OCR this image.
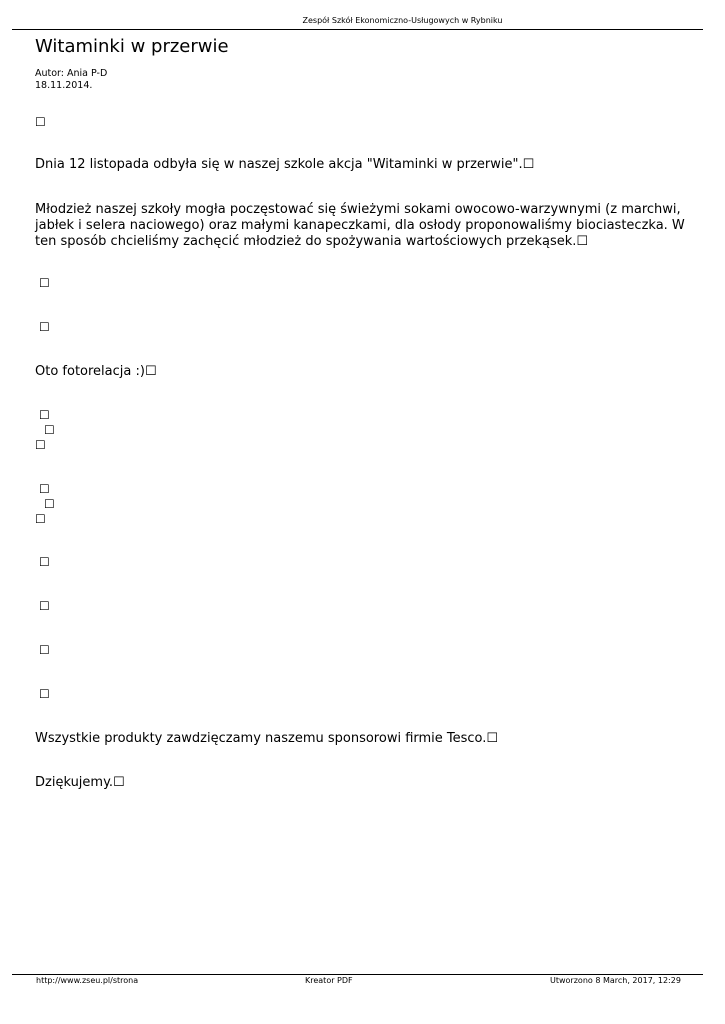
Zespół Szkół Ekonomiczno-Usługowych w Rybniku
Witaminki w przerwie
Autor: Ania P-D
18.11.2014.
☐
Dnia 12 listopada odbyła się w naszej szkole akcja "Witaminki w przerwie".☐
Młodzież naszej szkoły mogła poczęstować się świeżymi sokami owocowo-warzywnymi (z marchwi, jabłek i selera naciowego) oraz małymi kanapeczkami, dla osłody proponowaliśmy biociasteczka. W ten sposób chcieliśmy zachęcić młodzież do spożywania wartościowych przekąsek.☐
☐
☐
Oto fotorelacja :)☐
☐
☐
☐
☐
☐
☐
☐
☐
☐
☐
Wszystkie produkty zawdzięczamy naszemu sponsorowi firmie Tesco.☐
Dziękujemy.☐
http://www.zseu.pl/strona	Kreator PDF	Utworzono 8 March, 2017, 12:29
